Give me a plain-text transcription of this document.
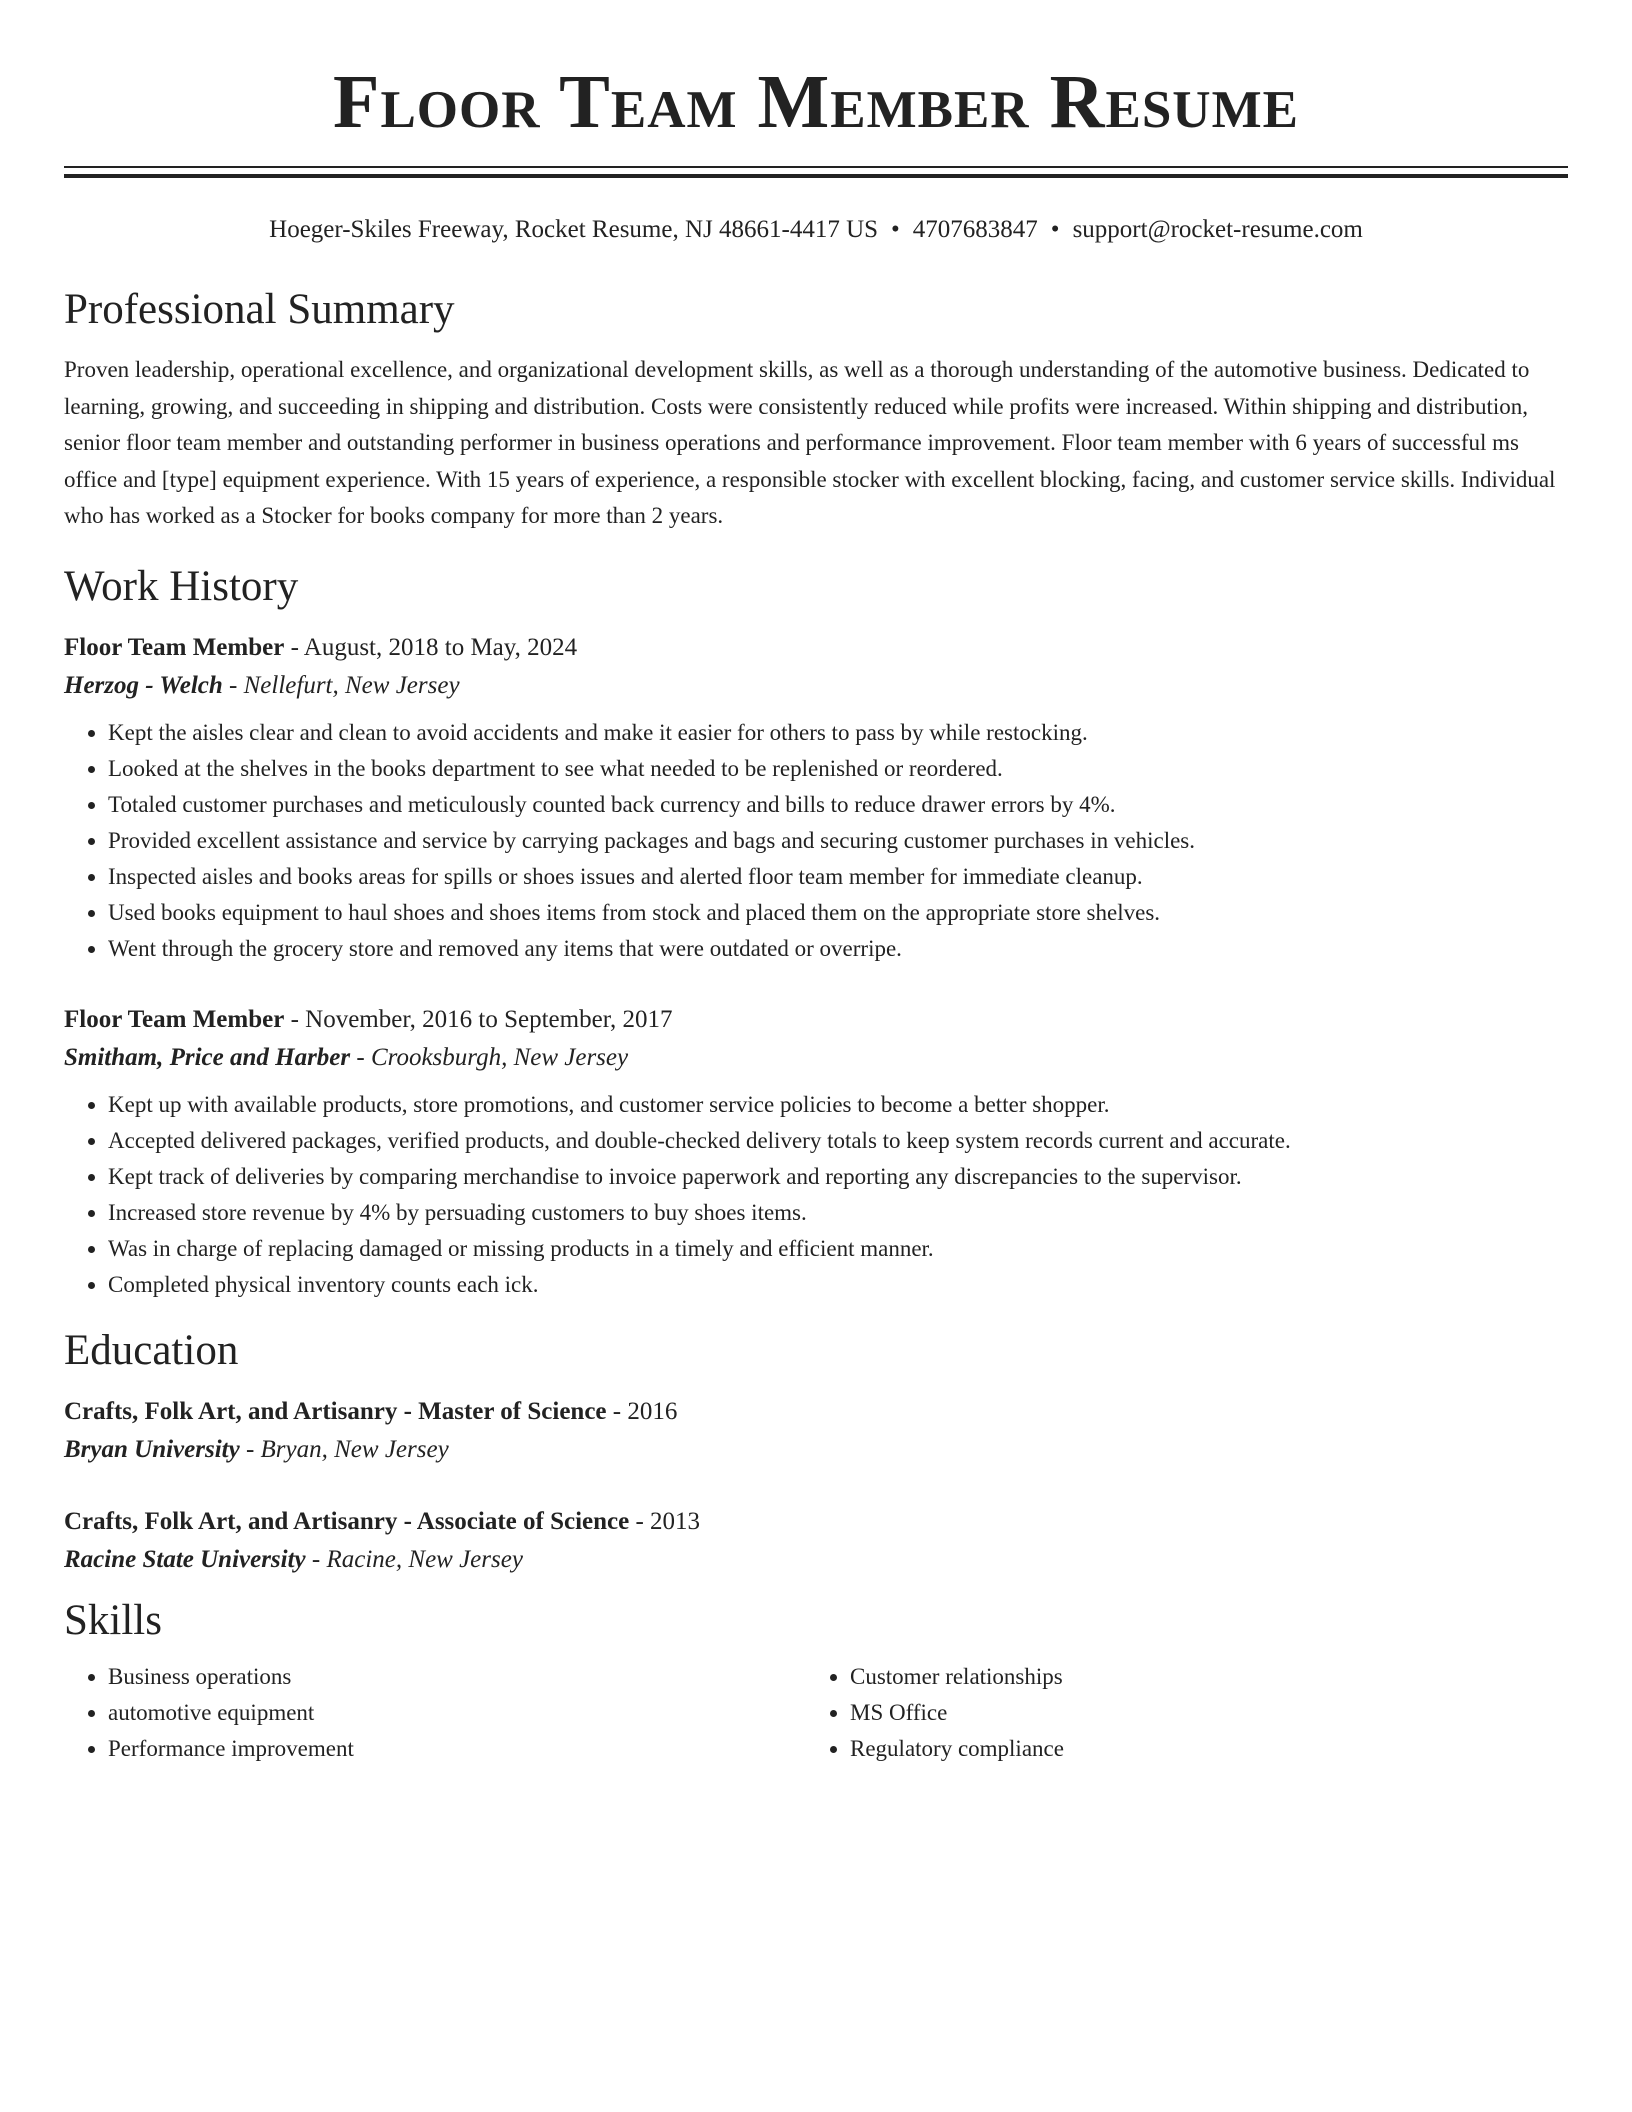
Floor Team Member Resume
Hoeger-Skiles Freeway, Rocket Resume, NJ 48661-4417 US • 4707683847 • support@rocket-resume.com
Professional Summary

Proven leadership, operational excellence, and organizational development skills, as well as a thorough understanding of the automotive business. Dedicated to learning, growing, and succeeding in shipping and distribution. Costs were consistently reduced while profits were increased. Within shipping and distribution, senior floor team member and outstanding performer in business operations and performance improvement. Floor team member with 6 years of successful ms office and [type] equipment experience. With 15 years of experience, a responsible stocker with excellent blocking, facing, and customer service skills. Individual who has worked as a Stocker for books company for more than 2 years.

Work History
Floor Team Member - August, 2018 to May, 2024
Herzog - Welch - Nellefurt, New Jersey
• Kept the aisles clear and clean to avoid accidents and make it easier for others to pass by while restocking.
• Looked at the shelves in the books department to see what needed to be replenished or reordered.
• Totaled customer purchases and meticulously counted back currency and bills to reduce drawer errors by 4%.
• Provided excellent assistance and service by carrying packages and bags and securing customer purchases in vehicles.
• Inspected aisles and books areas for spills or shoes issues and alerted floor team member for immediate cleanup.
• Used books equipment to haul shoes and shoes items from stock and placed them on the appropriate store shelves.
• Went through the grocery store and removed any items that were outdated or overripe.
Floor Team Member - November, 2016 to September, 2017
Smitham, Price and Harber - Crooksburgh, New Jersey
• Kept up with available products, store promotions, and customer service policies to become a better shopper.
• Accepted delivered packages, verified products, and double-checked delivery totals to keep system records current and accurate.
• Kept track of deliveries by comparing merchandise to invoice paperwork and reporting any discrepancies to the supervisor.
• Increased store revenue by 4% by persuading customers to buy shoes items.
• Was in charge of replacing damaged or missing products in a timely and efficient manner.
• Completed physical inventory counts each ick.
Education
Crafts, Folk Art, and Artisanry - Master of Science - 2016
Bryan University - Bryan, New Jersey
Crafts, Folk Art, and Artisanry - Associate of Science - 2013
Racine State University - Racine, New Jersey
Skills
• Business operations
• automotive equipment
• Performance improvement
• Customer relationships
• MS Office
• Regulatory compliance
